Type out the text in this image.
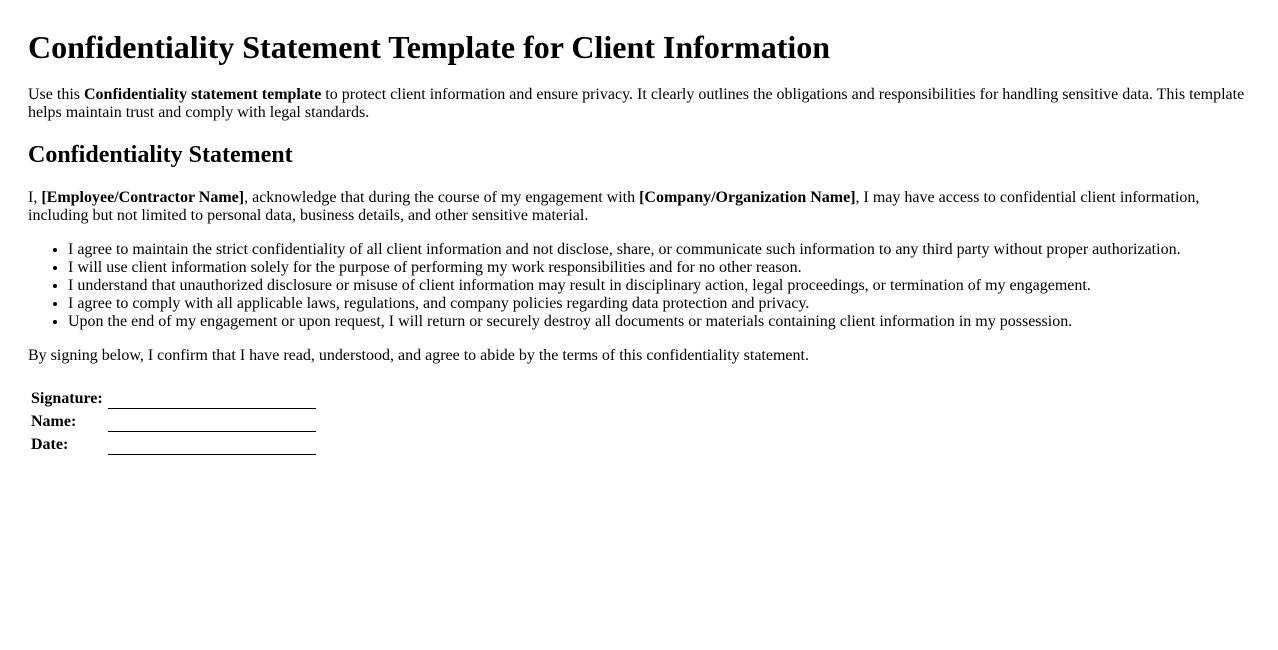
Confidentiality Statement Template for Client Information

Use this Confidentiality statement template to protect client information and ensure privacy. It clearly outlines the obligations and responsibilities for handling sensitive data. This template helps maintain trust and comply with legal standards.

Confidentiality Statement

I, [Employee/Contractor Name], acknowledge that during the course of my engagement with [Company/Organization Name], I may have access to confidential client information, including but not limited to personal data, business details, and other sensitive material.

• I agree to maintain the strict confidentiality of all client information and not disclose, share, or communicate such information to any third party without proper authorization.
• I will use client information solely for the purpose of performing my work responsibilities and for no other reason.
• I understand that unauthorized disclosure or misuse of client information may result in disciplinary action, legal proceedings, or termination of my engagement.
• I agree to comply with all applicable laws, regulations, and company policies regarding data protection and privacy.
• Upon the end of my engagement or upon request, I will return or securely destroy all documents or materials containing client information in my possession.

By signing below, I confirm that I have read, understood, and agree to abide by the terms of this confidentiality statement.

Signature:	
Name:	
Date:	
